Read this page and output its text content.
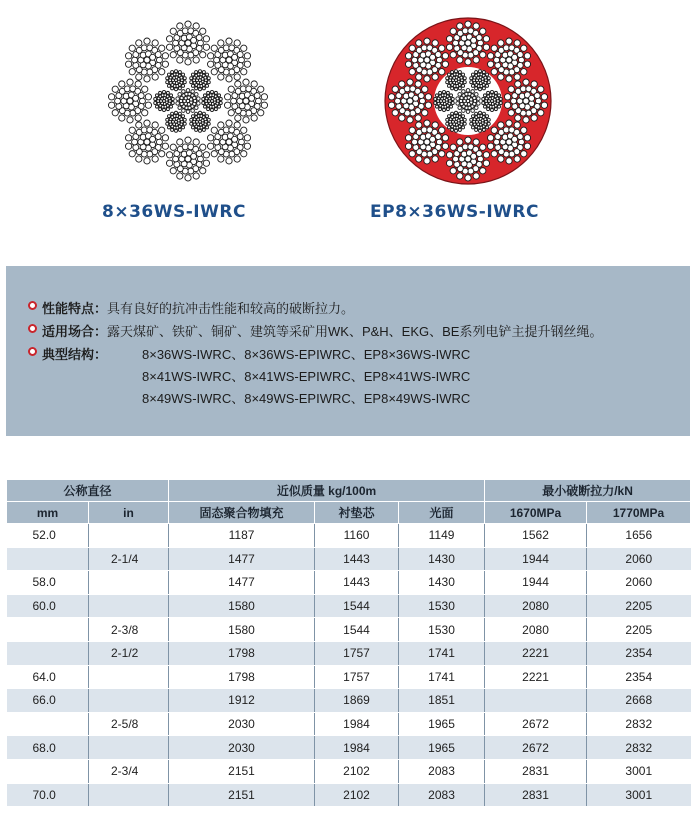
8×36WS-IWRC	EP8×36WS-IWRC
性能特点：具有良好的抗冲击性能和较高的破断拉力。
适用场合：露天煤矿、铁矿、铜矿、建筑等采矿用WK、P&H、EKG、BE系列电铲主提升钢丝绳。
典型结构：	8×36WS-IWRC、8×36WS-EPIWRC、EP8×36WS-IWRC
8×41WS-IWRC、8×41WS-EPIWRC、EP8×41WS-IWRC
8×49WS-IWRC、8×49WS-EPIWRC、EP8×49WS-IWRC
公称直径		近似质量 kg/100m			最小破断拉力/kN	
mm	in	固态聚合物填充	衬垫芯	光面	1670MPa	1770MPa
52.0		1187	1160	1149	1562	1656
	2-1/4	1477	1443	1430	1944	2060
58.0		1477	1443	1430	1944	2060
60.0		1580	1544	1530	2080	2205
	2-3/8	1580	1544	1530	2080	2205
	2-1/2	1798	1757	1741	2221	2354
64.0		1798	1757	1741	2221	2354
66.0		1912	1869	1851		2668
	2-5/8	2030	1984	1965	2672	2832
68.0		2030	1984	1965	2672	2832
	2-3/4	2151	2102	2083	2831	3001
70.0		2151	2102	2083	2831	3001
